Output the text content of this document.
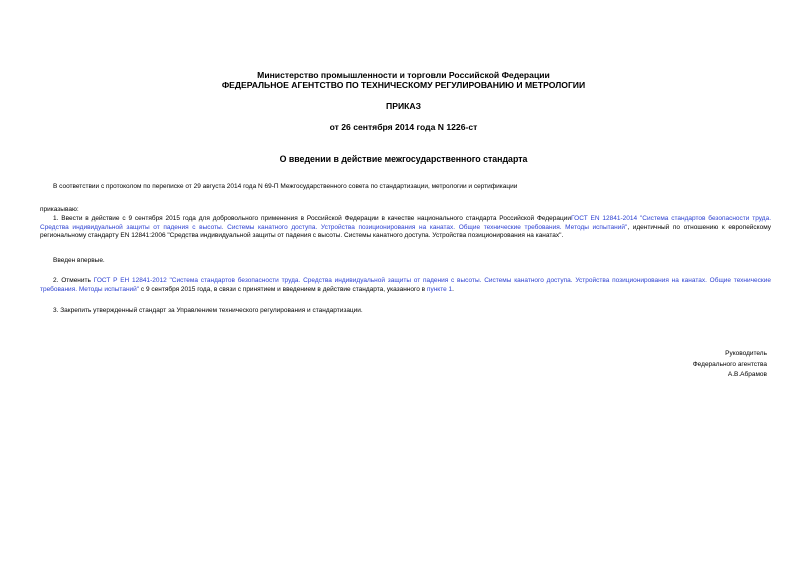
Министерство промышленности и торговли Российской Федерации
ФЕДЕРАЛЬНОЕ АГЕНТСТВО ПО ТЕХНИЧЕСКОМУ РЕГУЛИРОВАНИЮ И МЕТРОЛОГИИ
ПРИКАЗ
от 26 сентября 2014 года N 1226-ст
О введении в действие межгосударственного стандарта
В соответствии с протоколом по переписке от 29 августа 2014 года N 69-П Межгосударственного совета по стандартизации, метрологии и сертификации
приказываю:
1. Ввести в действие с 9 сентября 2015 года для добровольного применения в Российской Федерации в качестве национального стандарта Российской ФедерацииГОСТ EN 12841-2014 "Система стандартов безопасности труда. Средства индивидуальной защиты от падения с высоты. Системы канатного доступа. Устройства позиционирования на канатах. Общие технические требования. Методы испытаний", идентичный по отношению к европейскому региональному стандарту EN 12841:2006 "Средства индивидуальной защиты от падения с высоты. Системы канатного доступа. Устройства позиционирования на канатах".
Введен впервые.
2. Отменить ГОСТ Р ЕН 12841-2012 "Система стандартов безопасности труда. Средства индивидуальной защиты от падения с высоты. Системы канатного доступа. Устройства позиционирования на канатах. Общие технические требования. Методы испытаний" с 9 сентября 2015 года, в связи с принятием и введением в действие стандарта, указанного в пункте 1.
3. Закрепить утвержденный стандарт за Управлением технического регулирования и стандартизации.
Руководитель
Федерального агентства
А.В.Абрамов
